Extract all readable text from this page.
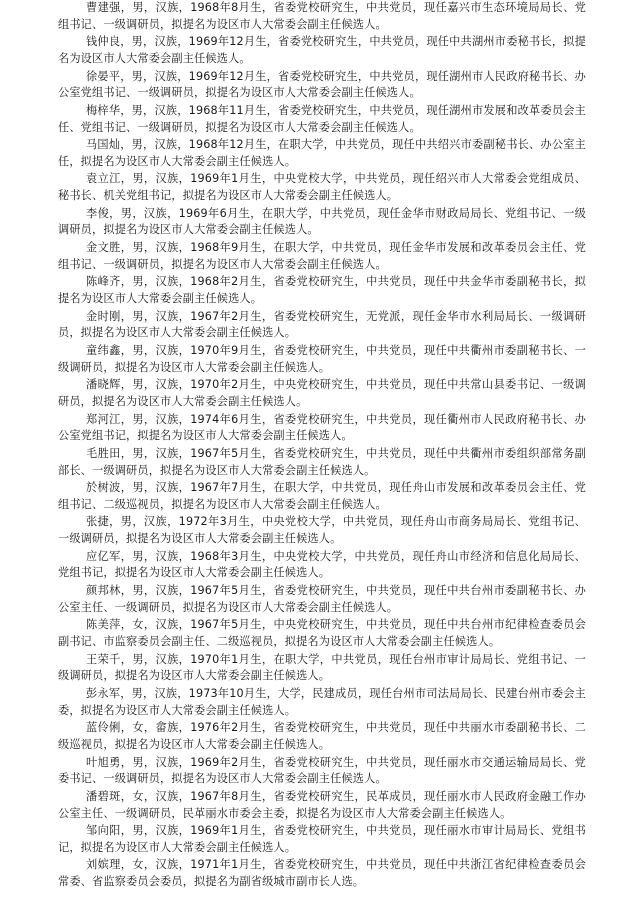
曹建强，男，汉族，1968年8月生，省委党校研究生，中共党员，现任嘉兴市生态环境局局长、党组书记、一级调研员，拟提名为设区市人大常委会副主任候选人。

钱仲良，男，汉族，1969年12月生，省委党校研究生，中共党员，现任中共湖州市委秘书长，拟提名为设区市人大常委会副主任候选人。

徐晏平，男，汉族，1969年12月生，省委党校研究生，中共党员，现任湖州市人民政府秘书长、办公室党组书记、一级调研员，拟提名为设区市人大常委会副主任候选人。

梅梓华，男，汉族，1968年11月生，省委党校研究生，中共党员，现任湖州市发展和改革委员会主任、党组书记、一级调研员，拟提名为设区市人大常委会副主任候选人。

马国灿，男，汉族，1968年12月生，在职大学，中共党员，现任中共绍兴市委副秘书长、办公室主任，拟提名为设区市人大常委会副主任候选人。

袁立江，男，汉族，1969年1月生，中央党校大学，中共党员，现任绍兴市人大常委会党组成员、秘书长、机关党组书记，拟提名为设区市人大常委会副主任候选人。

李俊，男，汉族，1969年6月生，在职大学，中共党员，现任金华市财政局局长、党组书记、一级调研员，拟提名为设区市人大常委会副主任候选人。

金文胜，男，汉族，1968年9月生，在职大学，中共党员，现任金华市发展和改革委员会主任、党组书记、一级调研员，拟提名为设区市人大常委会副主任候选人。

陈峰齐，男，汉族，1968年2月生，省委党校研究生，中共党员，现任中共金华市委副秘书长，拟提名为设区市人大常委会副主任候选人。

金时刚，男，汉族，1967年2月生，省委党校研究生，无党派，现任金华市水利局局长、一级调研员，拟提名为设区市人大常委会副主任候选人。

童纬鑫，男，汉族，1970年9月生，省委党校研究生，中共党员，现任中共衢州市委副秘书长、一级调研员，拟提名为设区市人大常委会副主任候选人。

潘晓辉，男，汉族，1970年2月生，中央党校研究生，中共党员，现任中共常山县委书记、一级调研员，拟提名为设区市人大常委会副主任候选人。

郑河江，男，汉族，1974年6月生，省委党校研究生，中共党员，现任衢州市人民政府秘书长、办公室党组书记，拟提名为设区市人大常委会副主任候选人。

毛胜田，男，汉族，1967年5月生，省委党校研究生，中共党员，现任中共衢州市委组织部常务副部长、一级调研员，拟提名为设区市人大常委会副主任候选人。

於树波，男，汉族，1967年7月生，在职大学，中共党员，现任舟山市发展和改革委员会主任、党组书记、二级巡视员，拟提名为设区市人大常委会副主任候选人。

张捷，男，汉族，1972年3月生，中央党校大学，中共党员，现任舟山市商务局局长、党组书记、一级调研员，拟提名为设区市人大常委会副主任候选人。

应亿军，男，汉族，1968年3月生，中央党校大学，中共党员，现任舟山市经济和信息化局局长、党组书记，拟提名为设区市人大常委会副主任候选人。

颜邦林，男，汉族，1967年5月生，省委党校研究生，中共党员，现任中共台州市委副秘书长、办公室主任、一级调研员，拟提名为设区市人大常委会副主任候选人。

陈美萍，女，汉族，1967年5月生，中央党校研究生，中共党员，现任中共台州市纪律检查委员会副书记、市监察委员会副主任、二级巡视员，拟提名为设区市人大常委会副主任候选人。

王荣千，男，汉族，1970年1月生，在职大学，中共党员，现任台州市审计局局长、党组书记、一级调研员，拟提名为设区市人大常委会副主任候选人。

彭永军，男，汉族，1973年10月生，大学，民建成员，现任台州市司法局局长、民建台州市委会主委，拟提名为设区市人大常委会副主任候选人。

蓝伶俐，女，畲族，1976年2月生，省委党校研究生，中共党员，现任中共丽水市委副秘书长、二级巡视员，拟提名为设区市人大常委会副主任候选人。

叶旭勇，男，汉族，1969年2月生，省委党校研究生，中共党员，现任丽水市交通运输局局长、党委书记、一级调研员，拟提名为设区市人大常委会副主任候选人。

潘碧斑，女，汉族，1967年8月生，省委党校研究生，民革成员，现任丽水市人民政府金融工作办公室主任、一级调研员，民革丽水市委会主委，拟提名为设区市人大常委会副主任候选人。

邹向阳，男，汉族，1969年1月生，省委党校研究生，中共党员，现任丽水市审计局局长、党组书记，拟提名为设区市人大常委会副主任候选人。

刘嫔理，女，汉族，1971年1月生，省委党校研究生，中共党员，现任中共浙江省纪律检查委员会常委、省监察委员会委员，拟提名为副省级城市副市长人选。
